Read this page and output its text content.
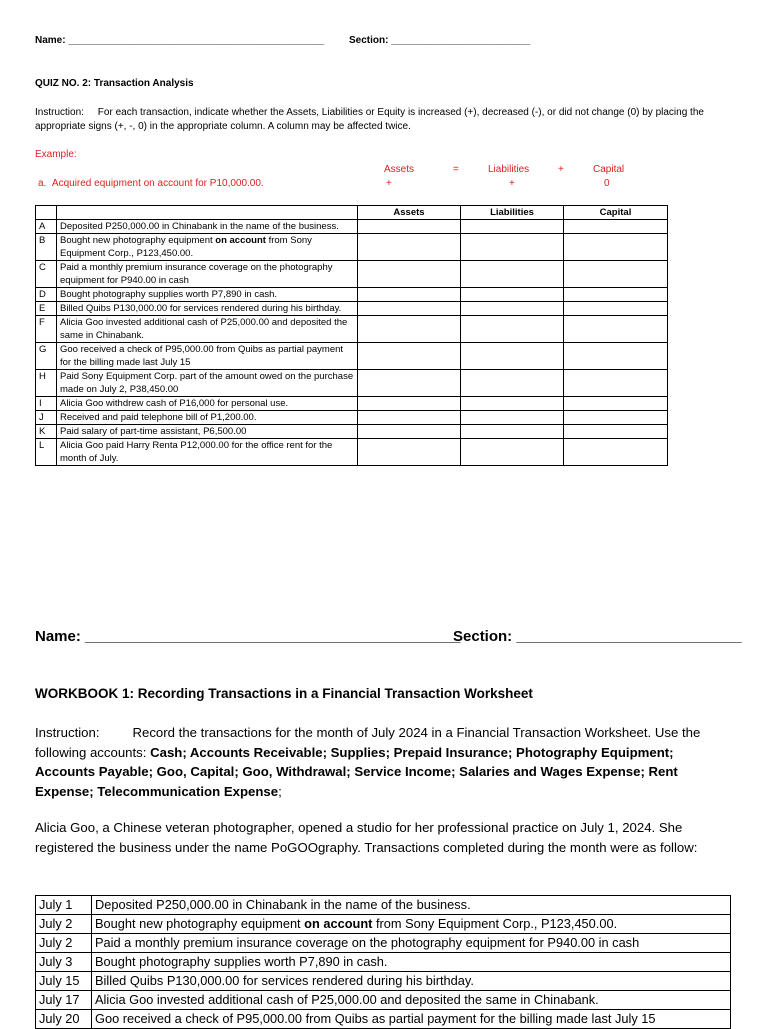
Name: ______________________________________________ Section: _________________________
QUIZ NO. 2: Transaction Analysis
Instruction:     For each transaction, indicate whether the Assets, Liabilities or Equity is increased (+), decreased (-), or did not change (0) by placing the appropriate signs (+, -, 0) in the appropriate column. A column may be affected twice.
Example:
a.  Acquired equipment on account for P10,000.00.
Assets	=	Liabilities	+	Capital
+	+	0
		Assets	Liabilities	Capital
A	Deposited P250,000.00 in Chinabank in the name of the business.			
B	Bought new photography equipment on account from Sony Equipment Corp., P123,450.00.			
C	Paid a monthly premium insurance coverage on the photography equipment for P940.00 in cash			
D	Bought photography supplies worth P7,890 in cash.			
E	Billed Quibs P130,000.00 for services rendered during his birthday.			
F	Alicia Goo invested additional cash of P25,000.00 and deposited the same in Chinabank.			
G	Goo received a check of P95,000.00 from Quibs as partial payment for the billing made last July 15			
H	Paid Sony Equipment Corp. part of the amount owed on the purchase made on July 2, P38,450.00			
I	Alicia Goo withdrew cash of P16,000 for personal use.			
J	Received and paid telephone bill of P1,200.00.			
K	Paid salary of part-time assistant, P6,500.00			
L	Alicia Goo paid Harry Renta P12,000.00 for the office rent for the month of July.			
Name: _____________________________________________
Section: ___________________________
WORKBOOK 1: Recording Transactions in a Financial Transaction Worksheet
Instruction:         Record the transactions for the month of July 2024 in a Financial Transaction Worksheet. Use the following accounts: Cash; Accounts Receivable; Supplies; Prepaid Insurance; Photography Equipment; Accounts Payable; Goo, Capital; Goo, Withdrawal; Service Income; Salaries and Wages Expense; Rent Expense; Telecommunication Expense;
Alicia Goo, a Chinese veteran photographer, opened a studio for her professional practice on July 1, 2024. She registered the business under the name PoGOOgraphy. Transactions completed during the month were as follow:
July 1	Deposited P250,000.00 in Chinabank in the name of the business.
July 2	Bought new photography equipment on account from Sony Equipment Corp., P123,450.00.
July 2	Paid a monthly premium insurance coverage on the photography equipment for P940.00 in cash
July 3	Bought photography supplies worth P7,890 in cash.
July 15	Billed Quibs P130,000.00 for services rendered during his birthday.
July 17	Alicia Goo invested additional cash of P25,000.00 and deposited the same in Chinabank.
July 20	Goo received a check of P95,000.00 from Quibs as partial payment for the billing made last July 15
